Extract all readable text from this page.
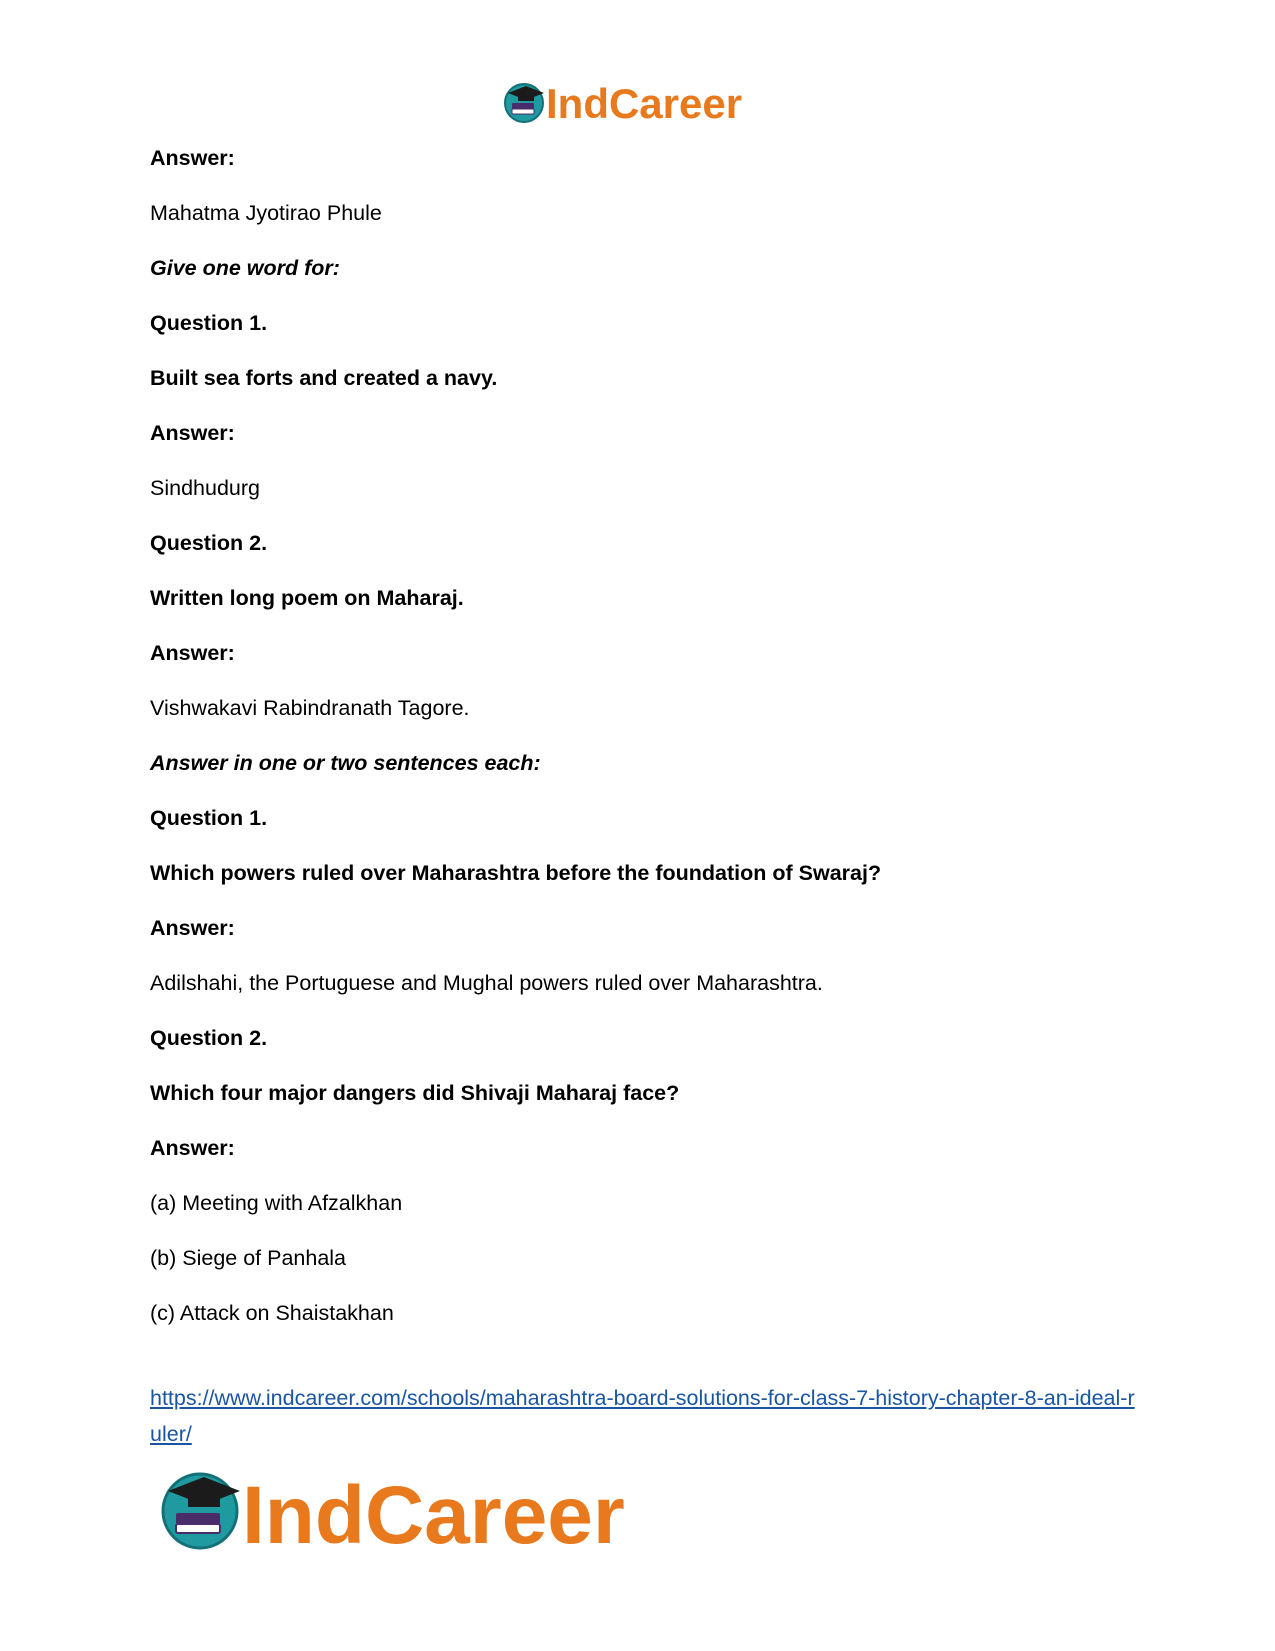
IndCareer
Answer:
Mahatma Jyotirao Phule
Give one word for:
Question 1.
Built sea forts and created a navy.
Answer:
Sindhudurg
Question 2.
Written long poem on Maharaj.
Answer:
Vishwakavi Rabindranath Tagore.
Answer in one or two sentences each:
Question 1.
Which powers ruled over Maharashtra before the foundation of Swaraj?
Answer:
Adilshahi, the Portuguese and Mughal powers ruled over Maharashtra.
Question 2.
Which four major dangers did Shivaji Maharaj face?
Answer:
(a) Meeting with Afzalkhan
(b) Siege of Panhala
(c) Attack on Shaistakhan
https://www.indcareer.com/schools/maharashtra-board-solutions-for-class-7-history-chapter-8-an-ideal-ruler/
IndCareer
